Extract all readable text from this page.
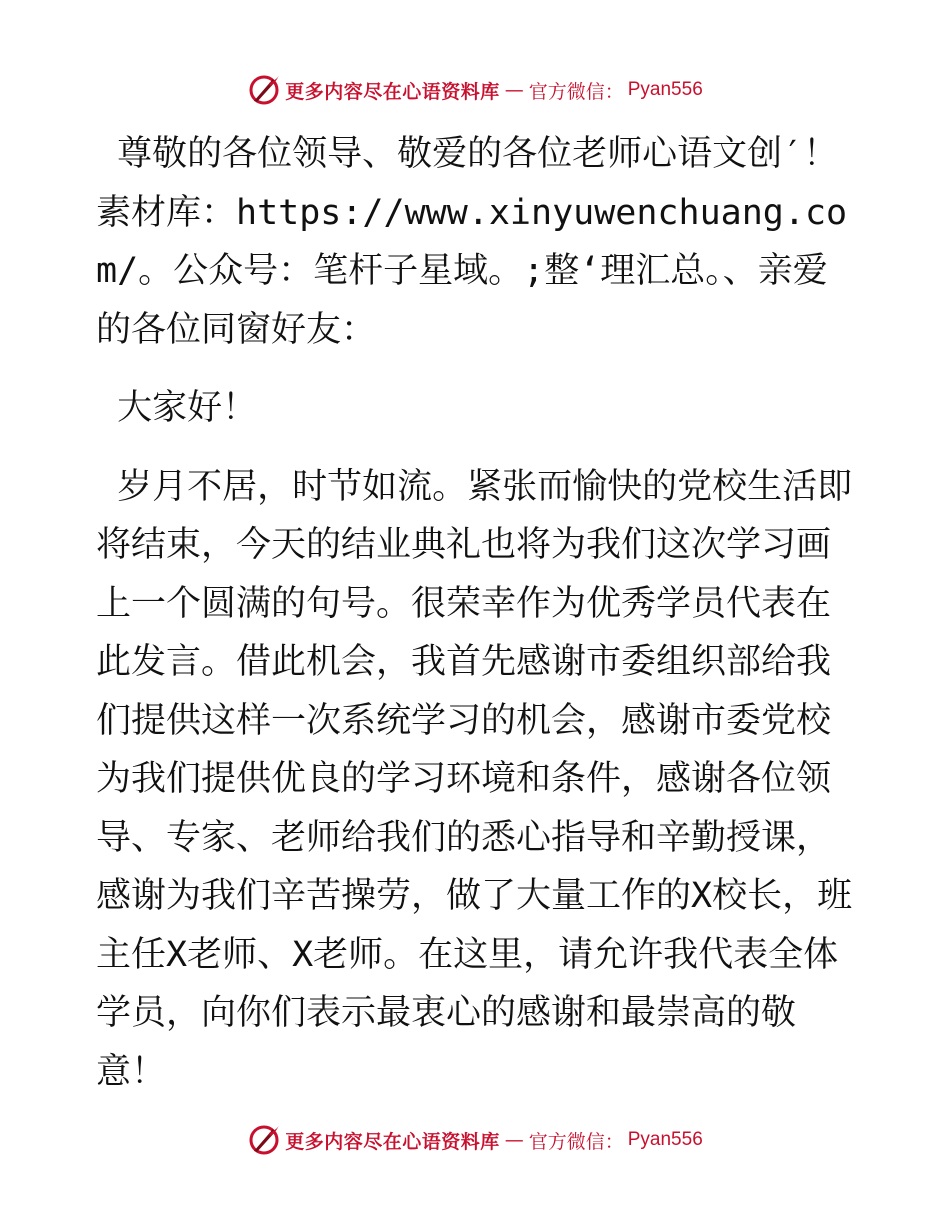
更多内容尽在心语资料库 — 官方微信： Pyan556

尊敬的各位领导、敬爱的各位老师心语文创′！素材库：https://www.xinyuwenchuang.com/。公众号：笔杆子星域。;整‘理汇总。、亲爱的各位同窗好友：

大家好！

岁月不居，时节如流。紧张而愉快的党校生活即将结束，今天的结业典礼也将为我们这次学习画上一个圆满的句号。很荣幸作为优秀学员代表在此发言。借此机会，我首先感谢市委组织部给我们提供这样一次系统学习的机会，感谢市委党校为我们提供优良的学习环境和条件，感谢各位领导、专家、老师给我们的悉心指导和辛勤授课，感谢为我们辛苦操劳，做了大量工作的X校长，班主任X老师、X老师。在这里，请允许我代表全体学员，向你们表示最衷心的感谢和最崇高的敬意！

更多内容尽在心语资料库 — 官方微信： Pyan556
